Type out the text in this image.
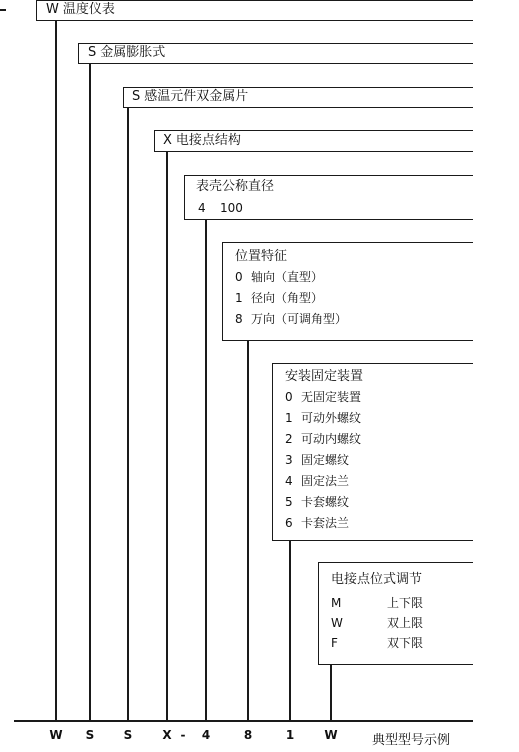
W 温度仪表
S 金属膨胀式
S 感温元件双金属片
X 电接点结构
表壳公称直径
4 100
位置特征
0 轴向（直型）
1 径向（角型）
8 万向（可调角型）
安装固定装置
0 无固定装置
1 可动外螺纹
2 可动内螺纹
3 固定螺纹
4 固定法兰
5 卡套螺纹
6 卡套法兰
电接点位式调节
M	上下限
W	双上限
F	双下限
W	S	S	X -	4	8	1	W	典型型号示例
